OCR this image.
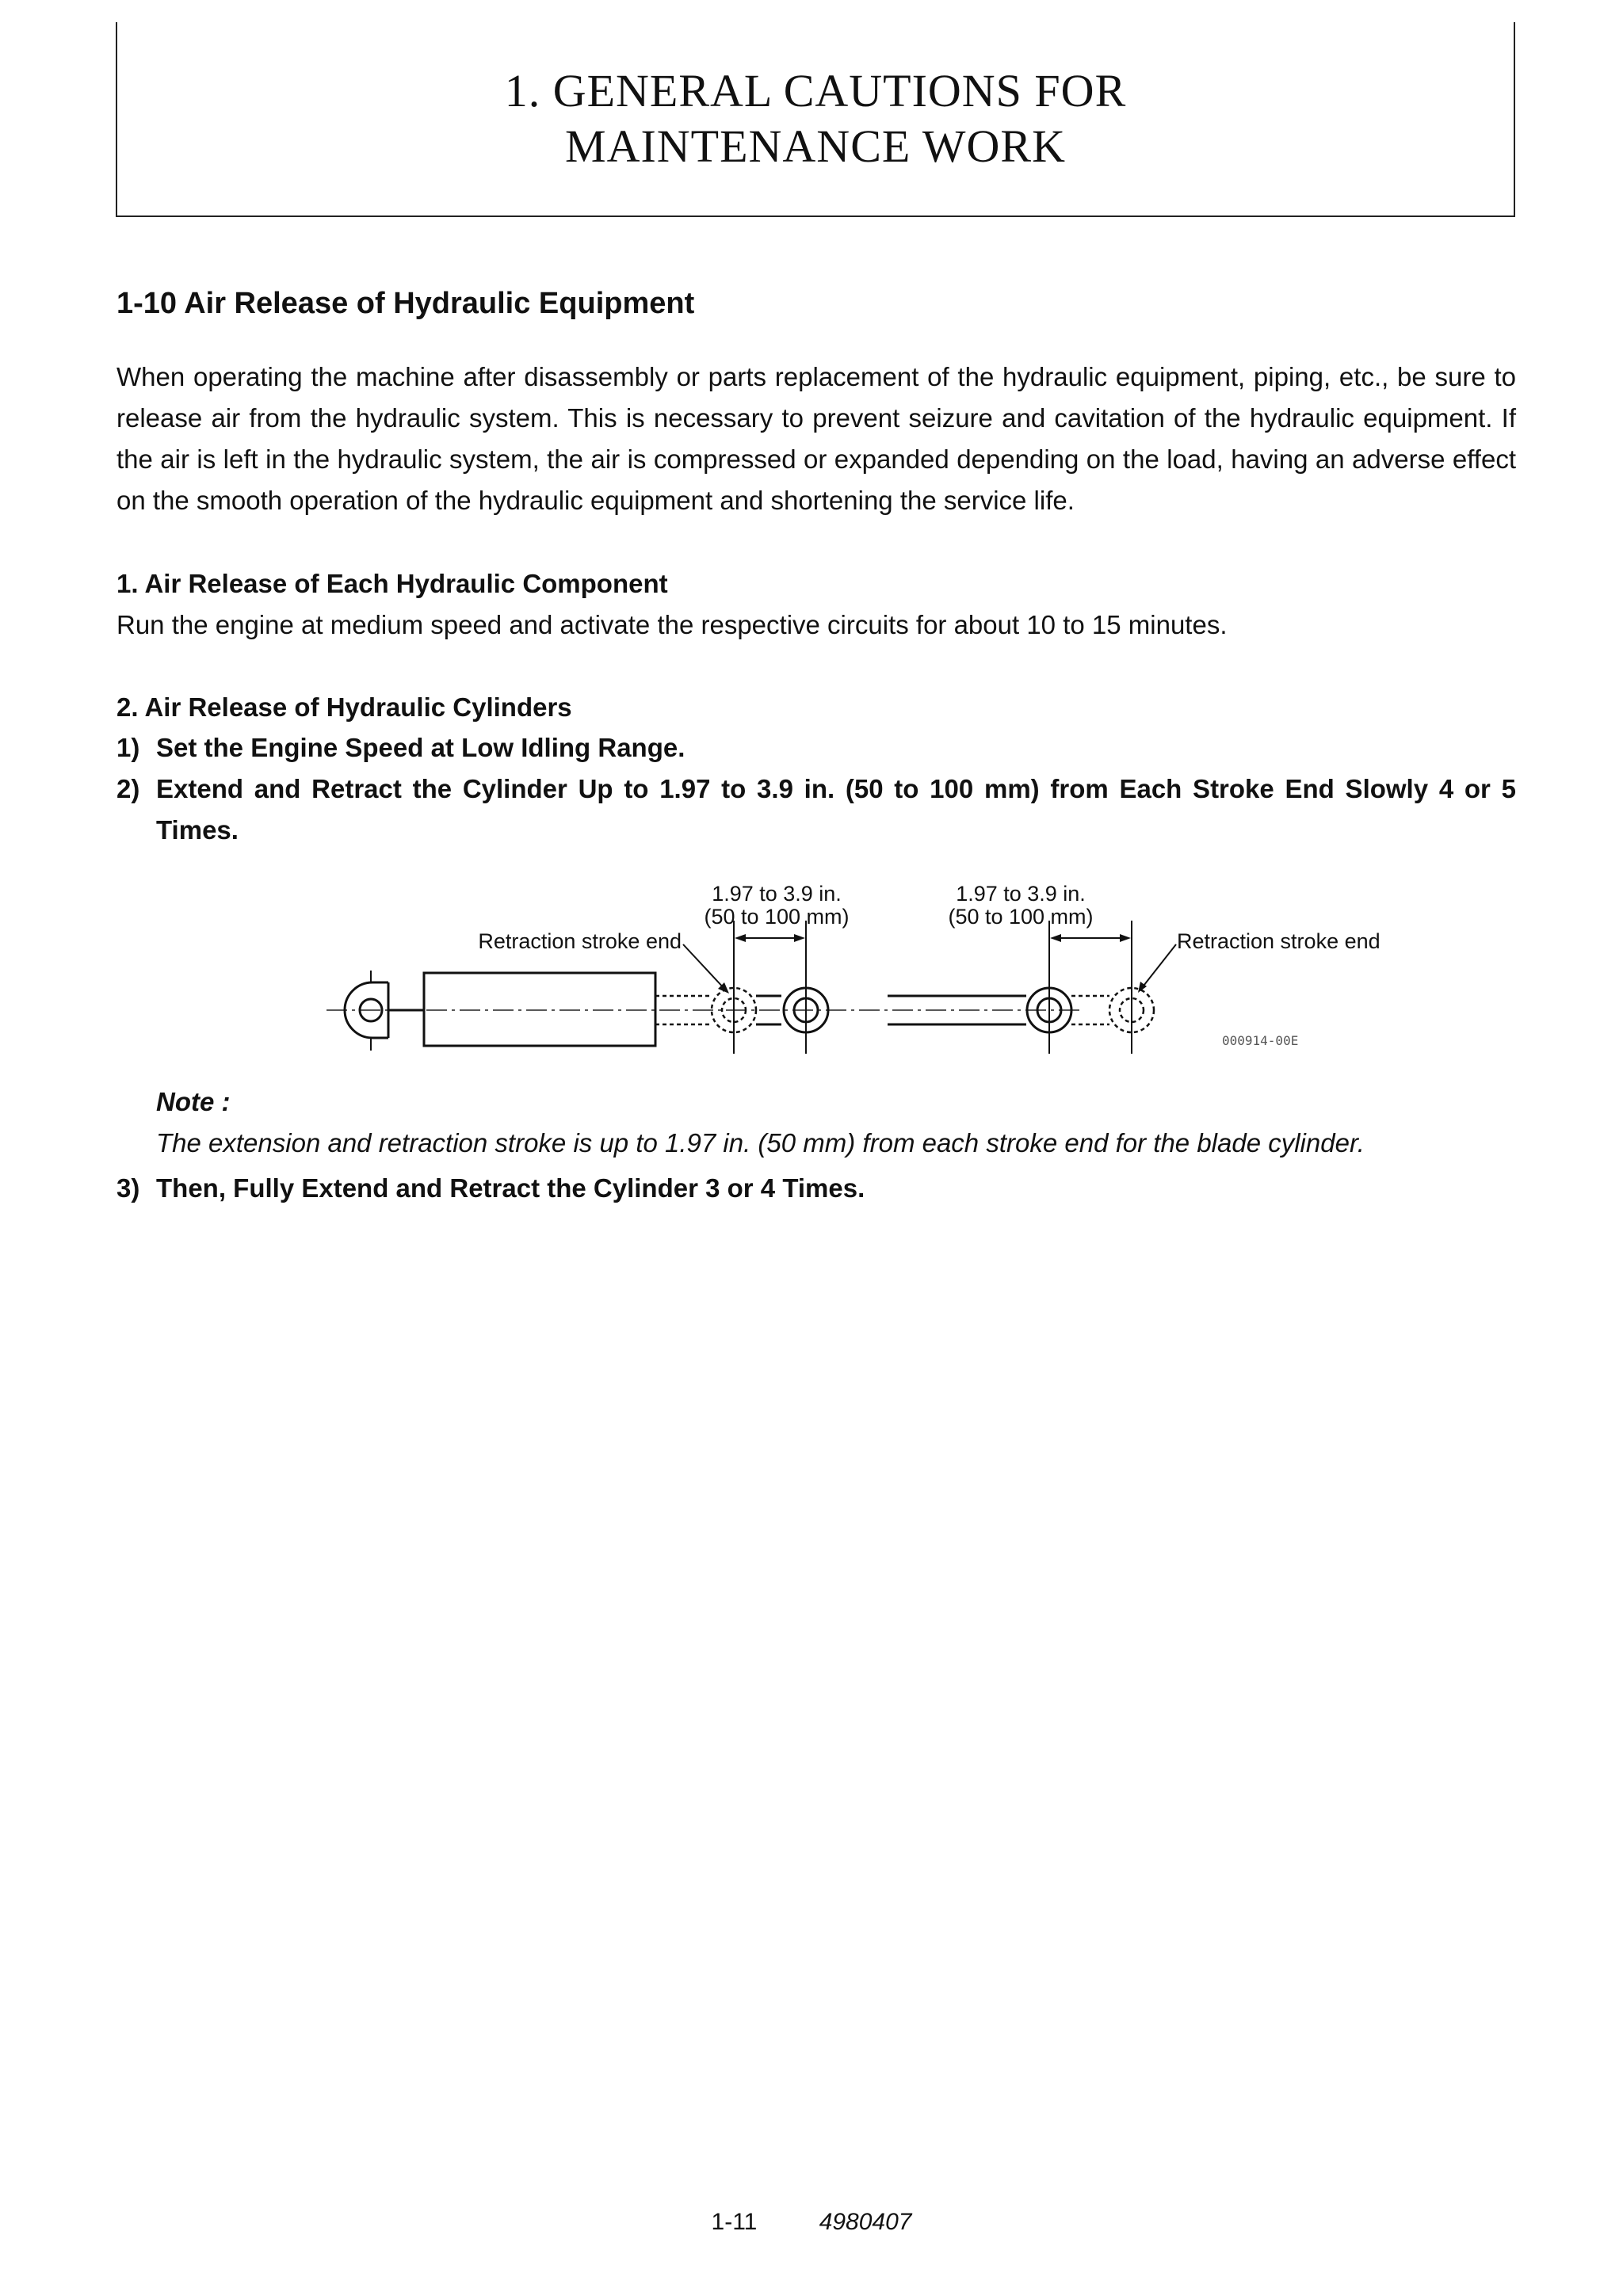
1. GENERAL CAUTIONS FOR
MAINTENANCE WORK
1-10 Air Release of Hydraulic Equipment

When operating the machine after disassembly or parts replacement of the hydraulic equipment, piping, etc., be sure to release air from the hydraulic system. This is necessary to prevent seizure and cavitation of the hydraulic equipment. If the air is left in the hydraulic system, the air is compressed or expanded depending on the load, having an adverse effect on the smooth operation of the hydraulic equipment and shortening the service life.

1. Air Release of Each Hydraulic Component

Run the engine at medium speed and activate the respective circuits for about 10 to 15 minutes.

2. Air Release of Hydraulic Cylinders
1) Set the Engine Speed at Low Idling Range.
2) Extend and Retract the Cylinder Up to 1.97 to 3.9 in. (50 to 100 mm) from Each Stroke End Slowly 4 or 5 Times.
3) Then, Fully Extend and Retract the Cylinder 3 or 4 Times.
1.97 to 3.9 in.
(50 to 100 mm)
Retraction stroke end
1.97 to 3.9 in.
(50 to 100 mm)
Retraction stroke end
000914-00E

Note :

The extension and retraction stroke is up to 1.97 in. (50 mm) from each stroke end for the blade cylinder.

1-11	4980407
